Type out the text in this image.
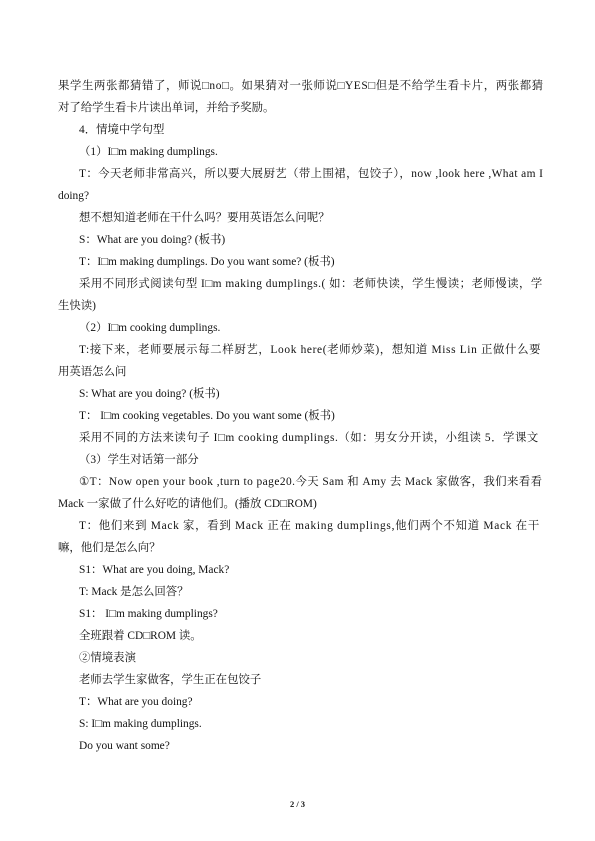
果学生两张都猜错了，师说□no□。如果猜对一张师说□YES□但是不给学生看卡片，两张都猜
对了给学生看卡片读出单词，并给予奖励。
4．情境中学句型
（1）I□m making dumplings.
T：今天老师非常高兴，所以要大展厨艺（带上围裙，包饺子），now ,look here ,What am I
doing?
想不想知道老师在干什么吗？要用英语怎么问呢？
S：What are you doing? (板书)
T：I□m making dumplings. Do you want some? (板书)
采用不同形式阅读句型 I□m making dumplings.( 如：老师快读，学生慢读；老师慢读，学
生快读)
（2）I□m cooking dumplings.
T:接下来，老师要展示每二样厨艺，Look here(老师炒菜)，想知道 Miss Lin 正做什么要
用英语怎么问
S: What are you doing? (板书)
T： I□m cooking vegetables. Do you want some (板书)
采用不同的方法来读句子 I□m cooking dumplings.（如：男女分开读，小组读 5．学课文
（3）学生对话第一部分
①T：Now open your book ,turn to page20.今天 Sam 和 Amy 去 Mack 家做客，我们来看看
Mack 一家做了什么好吃的请他们。(播放 CD□ROM)
T：他们来到 Mack 家，看到 Mack 正在 making dumplings,他们两个不知道 Mack 在干
嘛，他们是怎么向？
S1：What are you doing, Mack?
T: Mack 是怎么回答？
S1： I□m making dumplings?
全班跟着 CD□ROM 读。
②情境表演
老师去学生家做客，学生正在包饺子
T：What are you doing?
S: I□m making dumplings.
Do you want some?
2 / 3
